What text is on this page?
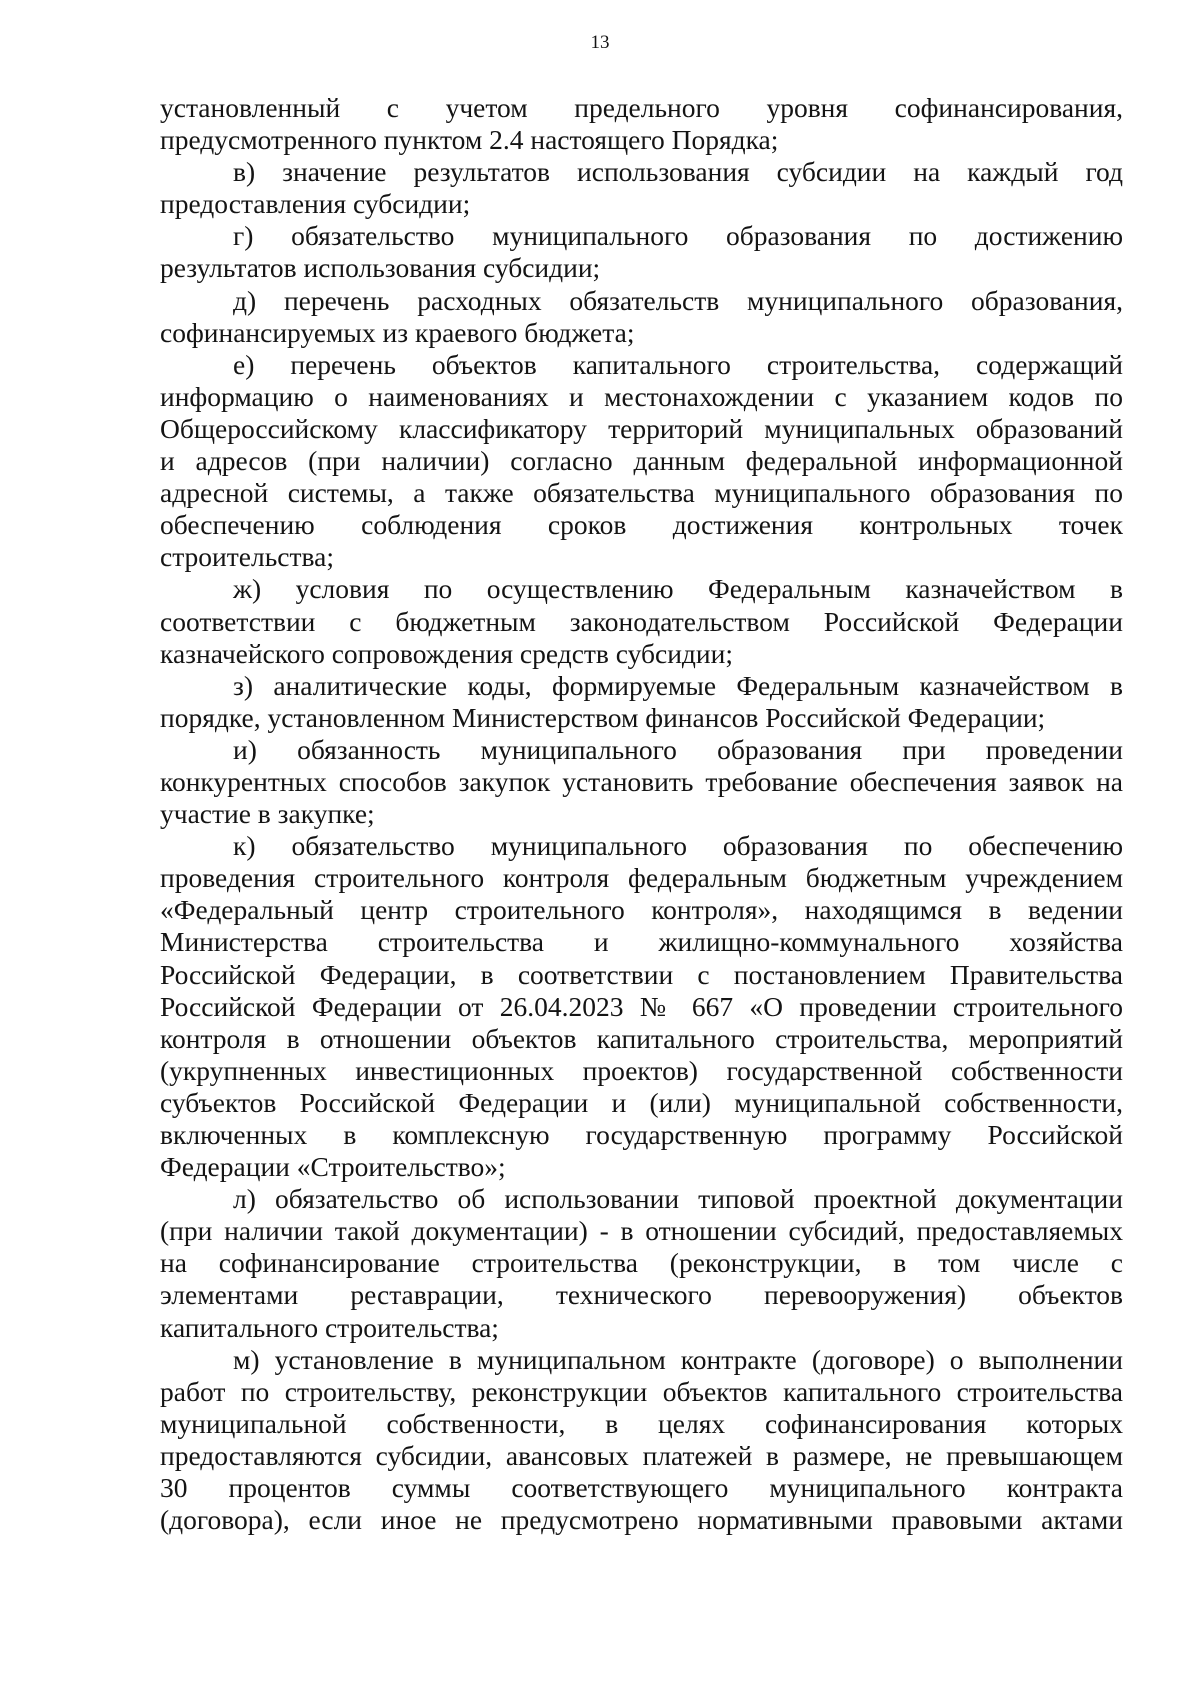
13
установленный с учетом предельного уровня софинансирования,
предусмотренного пунктом 2.4 настоящего Порядка;
в) значение результатов использования субсидии на каждый год
предоставления субсидии;
г) обязательство муниципального образования по достижению
результатов использования субсидии;
д) перечень расходных обязательств муниципального образования,
софинансируемых из краевого бюджета;
е) перечень объектов капитального строительства, содержащий
информацию о наименованиях и местонахождении с указанием кодов по
Общероссийскому классификатору территорий муниципальных образований
и адресов (при наличии) согласно данным федеральной информационной
адресной системы, а также обязательства муниципального образования по
обеспечению соблюдения сроков достижения контрольных точек
строительства;
ж) условия по осуществлению Федеральным казначейством в
соответствии с бюджетным законодательством Российской Федерации
казначейского сопровождения средств субсидии;
з) аналитические коды, формируемые Федеральным казначейством в
порядке, установленном Министерством финансов Российской Федерации;
и) обязанность муниципального образования при проведении
конкурентных способов закупок установить требование обеспечения заявок на
участие в закупке;
к) обязательство муниципального образования по обеспечению
проведения строительного контроля федеральным бюджетным учреждением
«Федеральный центр строительного контроля», находящимся в ведении
Министерства строительства и жилищно-коммунального хозяйства
Российской Федерации, в соответствии с постановлением Правительства
Российской Федерации от 26.04.2023 № 667 «О проведении строительного
контроля в отношении объектов капитального строительства, мероприятий
(укрупненных инвестиционных проектов) государственной собственности
субъектов Российской Федерации и (или) муниципальной собственности,
включенных в комплексную государственную программу Российской
Федерации «Строительство»;
л) обязательство об использовании типовой проектной документации
(при наличии такой документации) - в отношении субсидий, предоставляемых
на софинансирование строительства (реконструкции, в том числе с
элементами реставрации, технического перевооружения) объектов
капитального строительства;
м) установление в муниципальном контракте (договоре) о выполнении
работ по строительству, реконструкции объектов капитального строительства
муниципальной собственности, в целях софинансирования которых
предоставляются субсидии, авансовых платежей в размере, не превышающем
30 процентов суммы соответствующего муниципального контракта
(договора), если иное не предусмотрено нормативными правовыми актами
